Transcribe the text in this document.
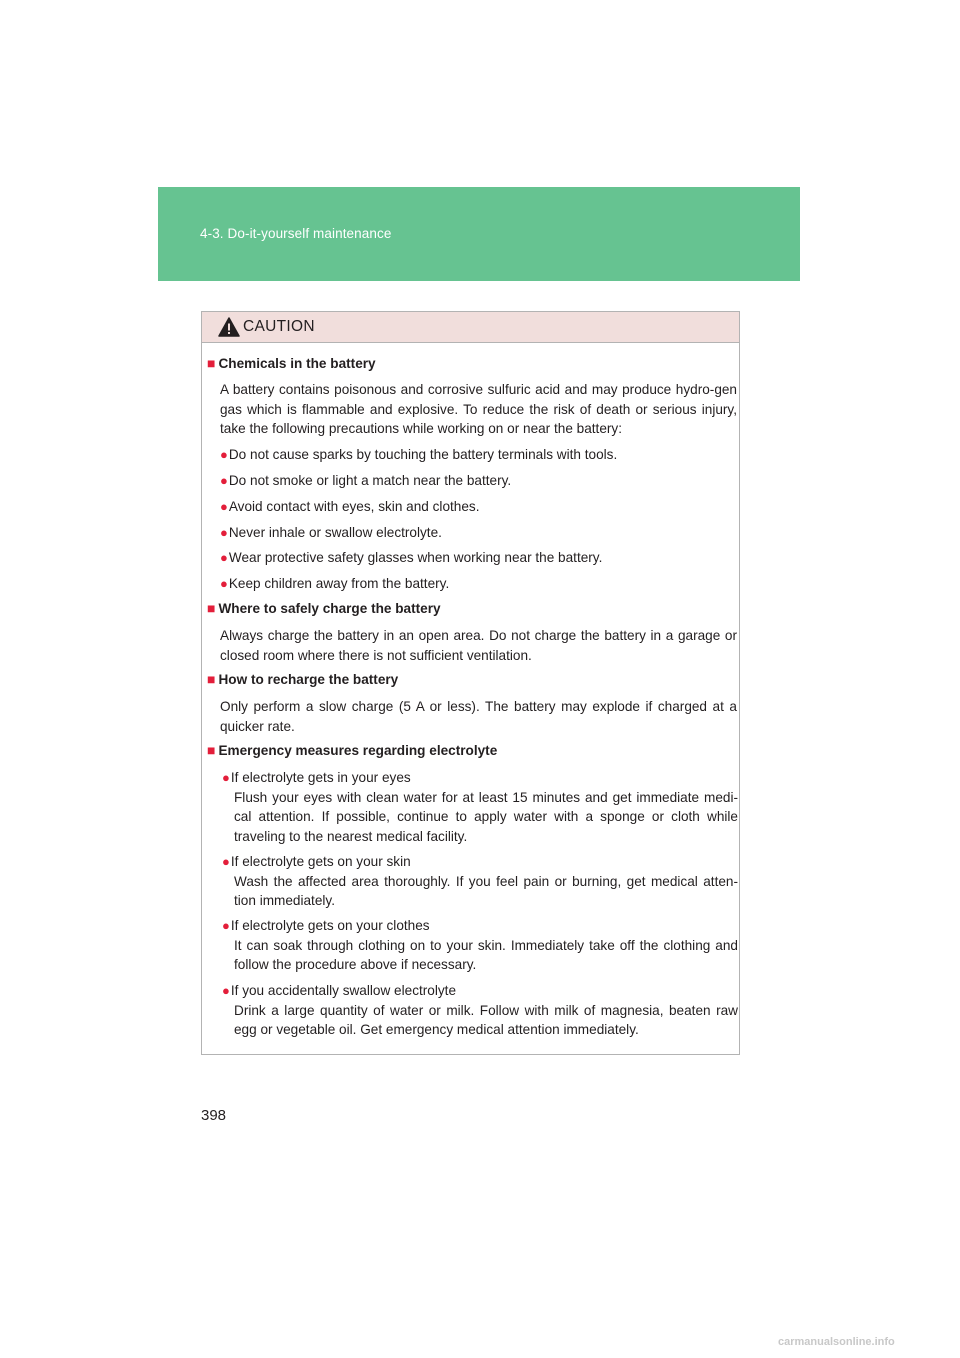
4-3. Do-it-yourself maintenance
CAUTION
■ Chemicals in the battery

A battery contains poisonous and corrosive sulfuric acid and may produce hydro-gen gas which is flammable and explosive. To reduce the risk of death or serious injury, take the following precautions while working on or near the battery:

●Do not cause sparks by touching the battery terminals with tools.
●Do not smoke or light a match near the battery.
●Avoid contact with eyes, skin and clothes.
●Never inhale or swallow electrolyte.
●Wear protective safety glasses when working near the battery.
●Keep children away from the battery.
■ Where to safely charge the battery

Always charge the battery in an open area. Do not charge the battery in a garage or closed room where there is not sufficient ventilation.

■ How to recharge the battery

Only perform a slow charge (5 A or less). The battery may explode if charged at a quicker rate.

■ Emergency measures regarding electrolyte
●If electrolyte gets in your eyes
Flush your eyes with clean water for at least 15 minutes and get immediate medi-cal attention. If possible, continue to apply water with a sponge or cloth while traveling to the nearest medical facility.
●If electrolyte gets on your skin
Wash the affected area thoroughly. If you feel pain or burning, get medical atten-tion immediately.
●If electrolyte gets on your clothes
It can soak through clothing on to your skin. Immediately take off the clothing and follow the procedure above if necessary.
●If you accidentally swallow electrolyte
Drink a large quantity of water or milk. Follow with milk of magnesia, beaten raw egg or vegetable oil. Get emergency medical attention immediately.
398
carmanualsonline.info
